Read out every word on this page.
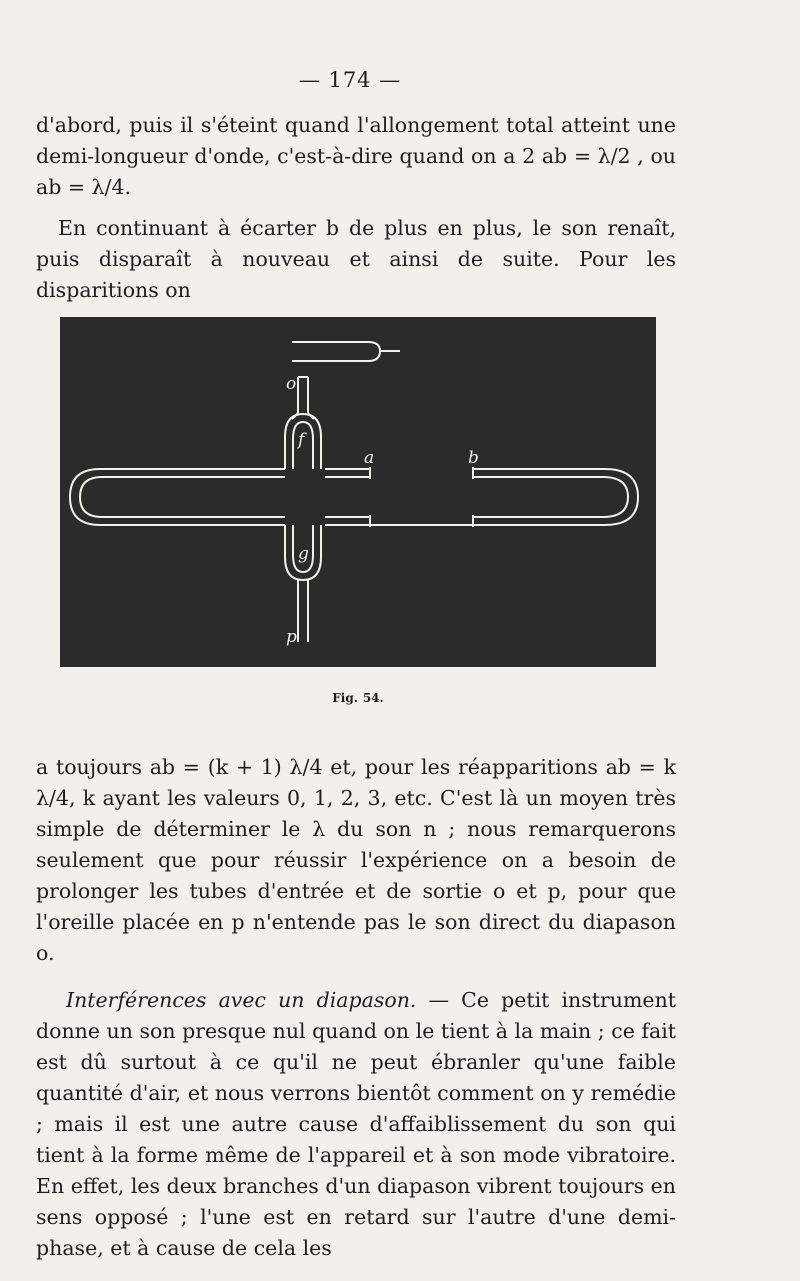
— 174 —

d'abord, puis il s'éteint quand l'allongement total atteint une demi-longueur d'onde, c'est-à-dire quand on a 2 ab = λ/2 , ou ab = λ/4.

En continuant à écarter b de plus en plus, le son renaît, puis disparaît à nouveau et ainsi de suite. Pour les disparitions on

o
f
a	b
g
p
Fig. 54.

a toujours ab = (k + 1) λ/4 et, pour les réapparitions ab = k λ/4, k ayant les valeurs 0, 1, 2, 3, etc. C'est là un moyen très simple de déterminer le λ du son n ; nous remarquerons seulement que pour réussir l'expérience on a besoin de prolonger les tubes d'entrée et de sortie o et p, pour que l'oreille placée en p n'entende pas le son direct du diapason o.

Interférences avec un diapason. — Ce petit instrument donne un son presque nul quand on le tient à la main ; ce fait est dû surtout à ce qu'il ne peut ébranler qu'une faible quantité d'air, et nous verrons bientôt comment on y remédie ; mais il est une autre cause d'affaiblissement du son qui tient à la forme même de l'appareil et à son mode vibratoire. En effet, les deux branches d'un diapason vibrent toujours en sens opposé ; l'une est en retard sur l'autre d'une demi-phase, et à cause de cela les
